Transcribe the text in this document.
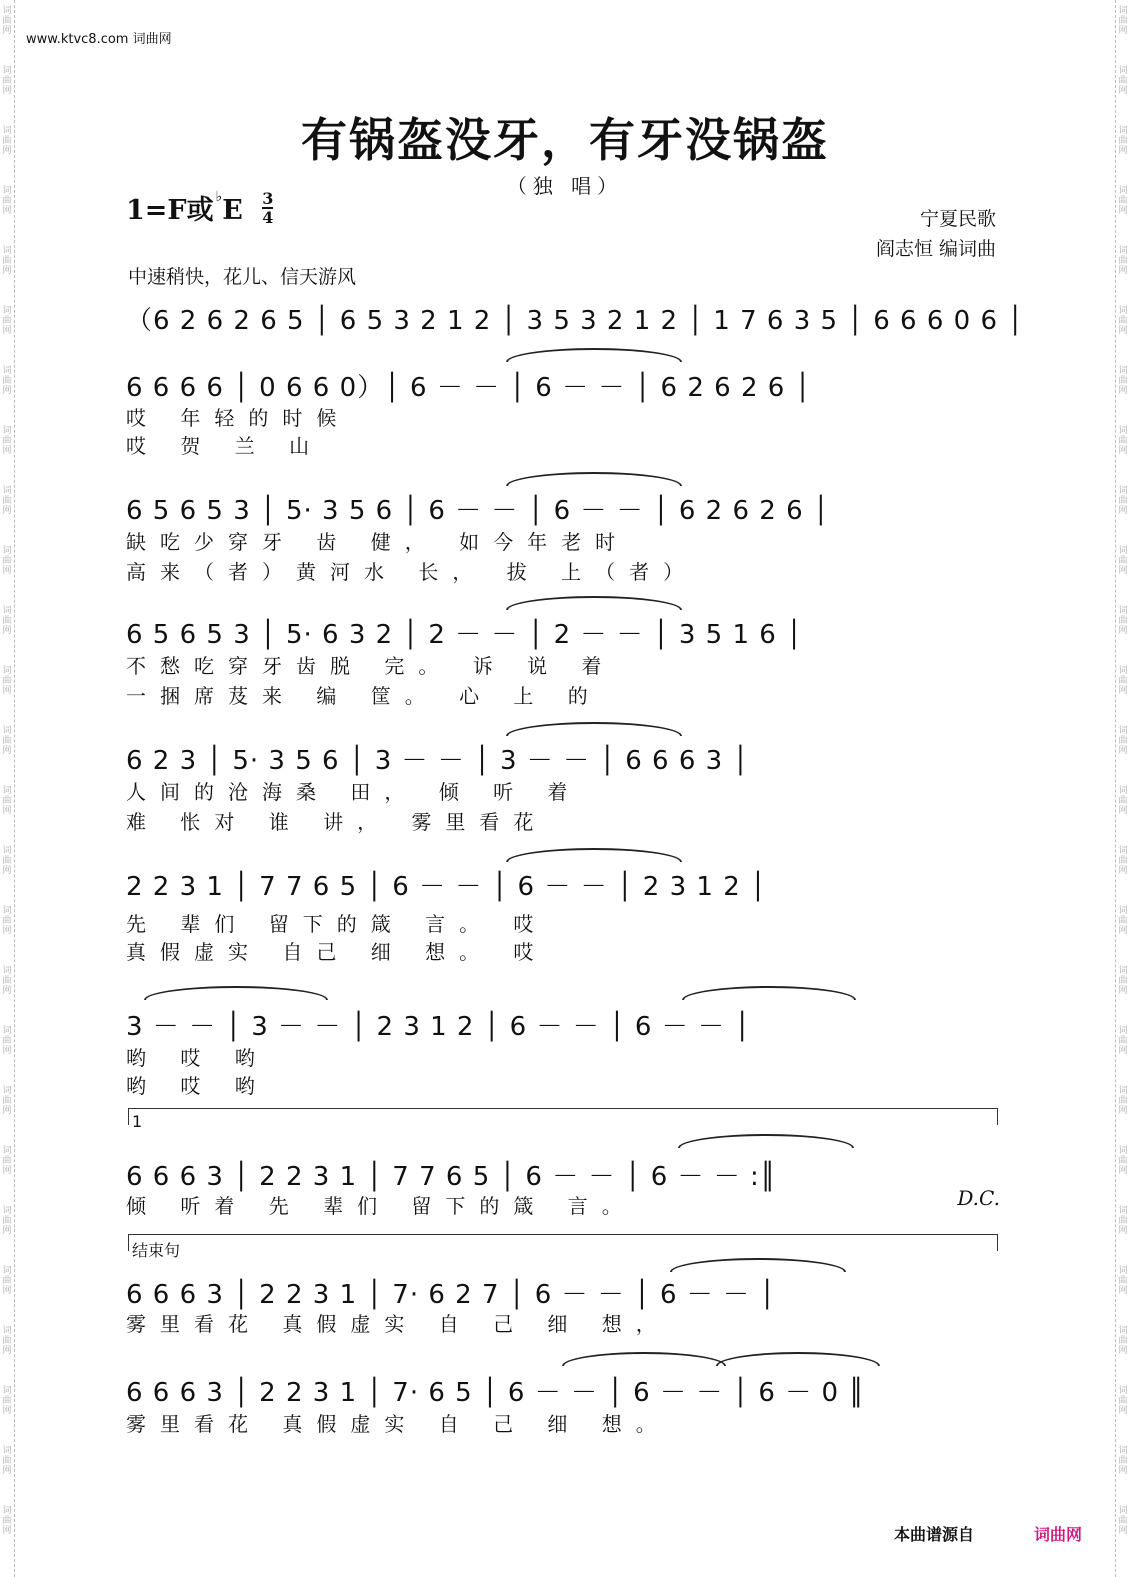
词曲网
词曲网
词曲网
词曲网
词曲网
词曲网
词曲网
词曲网
词曲网
词曲网
词曲网
词曲网
词曲网
词曲网
词曲网
词曲网
词曲网
词曲网
词曲网
词曲网
词曲网
词曲网
词曲网
词曲网
词曲网
词曲网
词曲网
词曲网
词曲网
词曲网
词曲网
词曲网
词曲网
词曲网
词曲网
词曲网
词曲网
词曲网
词曲网
词曲网
词曲网
词曲网
词曲网
词曲网
词曲网
词曲网
词曲网
词曲网
词曲网
词曲网
词曲网
词曲网
www.ktvc8.com 词曲网
有锅盔没牙，有牙没锅盔
（独 唱）
1=F或 $^♭E \frac{3}{4}$	宁夏民歌
阎志恒 编词曲
中速稍快，花儿、信天游风
（6 2 6 2 6 5 │ 6 5 3 2 1 2 │ 3 5 3 2 1 2 │ 1 7 6 3 5 │ 6 6 6 0 6 │
6 6 6 6 │ 0 6 6 0）│ 6 － － │ 6 － － │ 6 2 6 2 6 │
哎 年轻的时候
哎 贺 兰 山
6 5 6 5 3 │ 5· 3 5 6 │ 6 － － │ 6 － － │ 6 2 6 2 6 │
缺吃少穿牙 齿 健， 如今年老时
高来（者）黄河水 长， 拔 上（者）
6 5 6 5 3 │ 5· 6 3 2 │ 2 － － │ 2 － － │ 3 5 1 6 │
不愁吃穿牙齿脱 完。 诉 说 着
一捆席芨来 编 筐。 心 上 的
6 2 3 │ 5· 3 5 6 │ 3 － － │ 3 － － │ 6 6 6 3 │
人间的沧海桑 田， 倾 听 着
难 怅对 谁 讲， 雾里看花
2 2 3 1 │ 7 7 6 5 │ 6 － － │ 6 － － │ 2 3 1 2 │
先 辈们 留下的箴 言。 哎
真假虚实 自己 细 想。 哎
3 － － │ 3 － － │ 2 3 1 2 │ 6 － － │ 6 － － │
哟 哎 哟
哟 哎 哟
1
6 6 6 3 │ 2 2 3 1 │ 7 7 6 5 │ 6 － － │ 6 － － :║
倾 听着 先 辈们 留下的箴 言。	D.C.
结束句
6 6 6 3 │ 2 2 3 1 │ 7· 6 2 7 │ 6 － － │ 6 － － │
雾里看花 真假虚实 自 己 细 想，
6 6 6 3 │ 2 2 3 1 │ 7· 6 5 │ 6 － － │ 6 － － │ 6 － 0 ║
雾里看花 真假虚实 自 己 细 想。
本曲谱源自	词曲网
